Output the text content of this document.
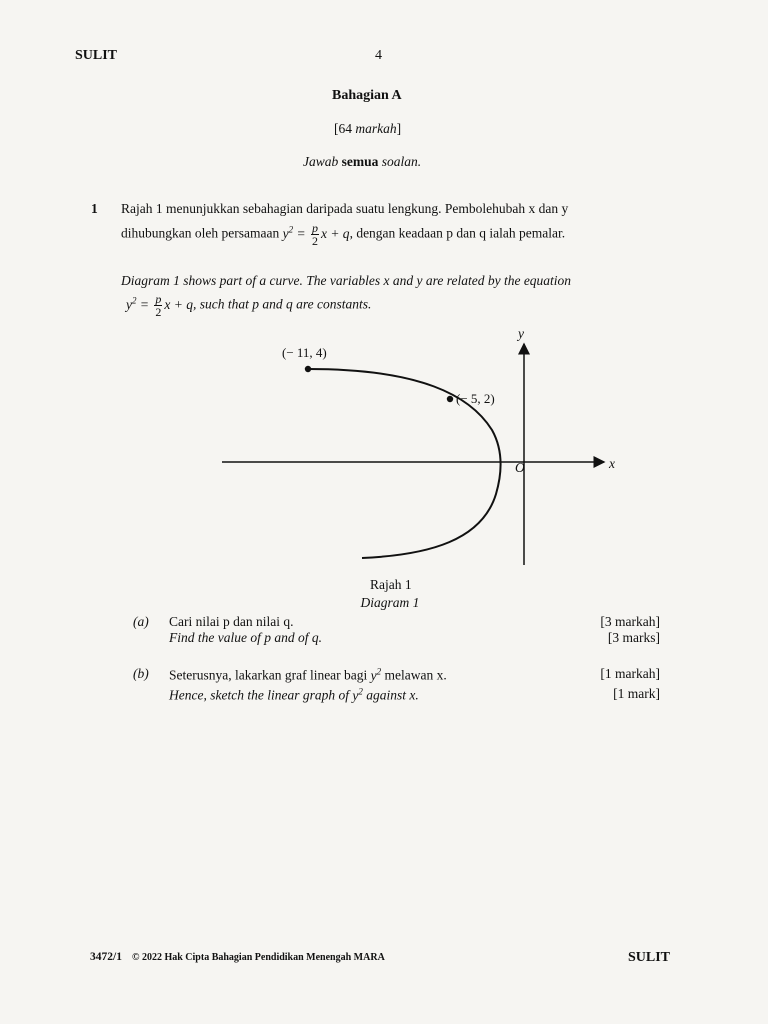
SULIT	4
Bahagian A
[64 markah]
Jawab semua soalan.
1 Rajah 1 menunjukkan sebahagian daripada suatu lengkung. Pembolehubah x dan y
dihubungkan oleh persamaan $y^2 = \frac{p}{2}$ x + q, dengan keadaan p dan q ialah pemalar.
Diagram 1 shows part of a curve. The variables x and y are related by the equation
$y^2 = \frac{p}{2}$ x + q, such that p and q are constants.
(− 11, 4)
(− 5, 2)
y
x
O
Rajah 1
Diagram 1
(a) Cari nilai p dan nilai q.
Find the value of p and of q.
[3 markah]
[3 marks]
(b) Seterusnya, lakarkan graf linear bagi $y^2$ melawan x.
Hence, sketch the linear graph of $y^2$ against x.
[1 markah]
[1 mark]
3472/1 © 2022 Hak Cipta Bahagian Pendidikan Menengah MARA	SULIT
